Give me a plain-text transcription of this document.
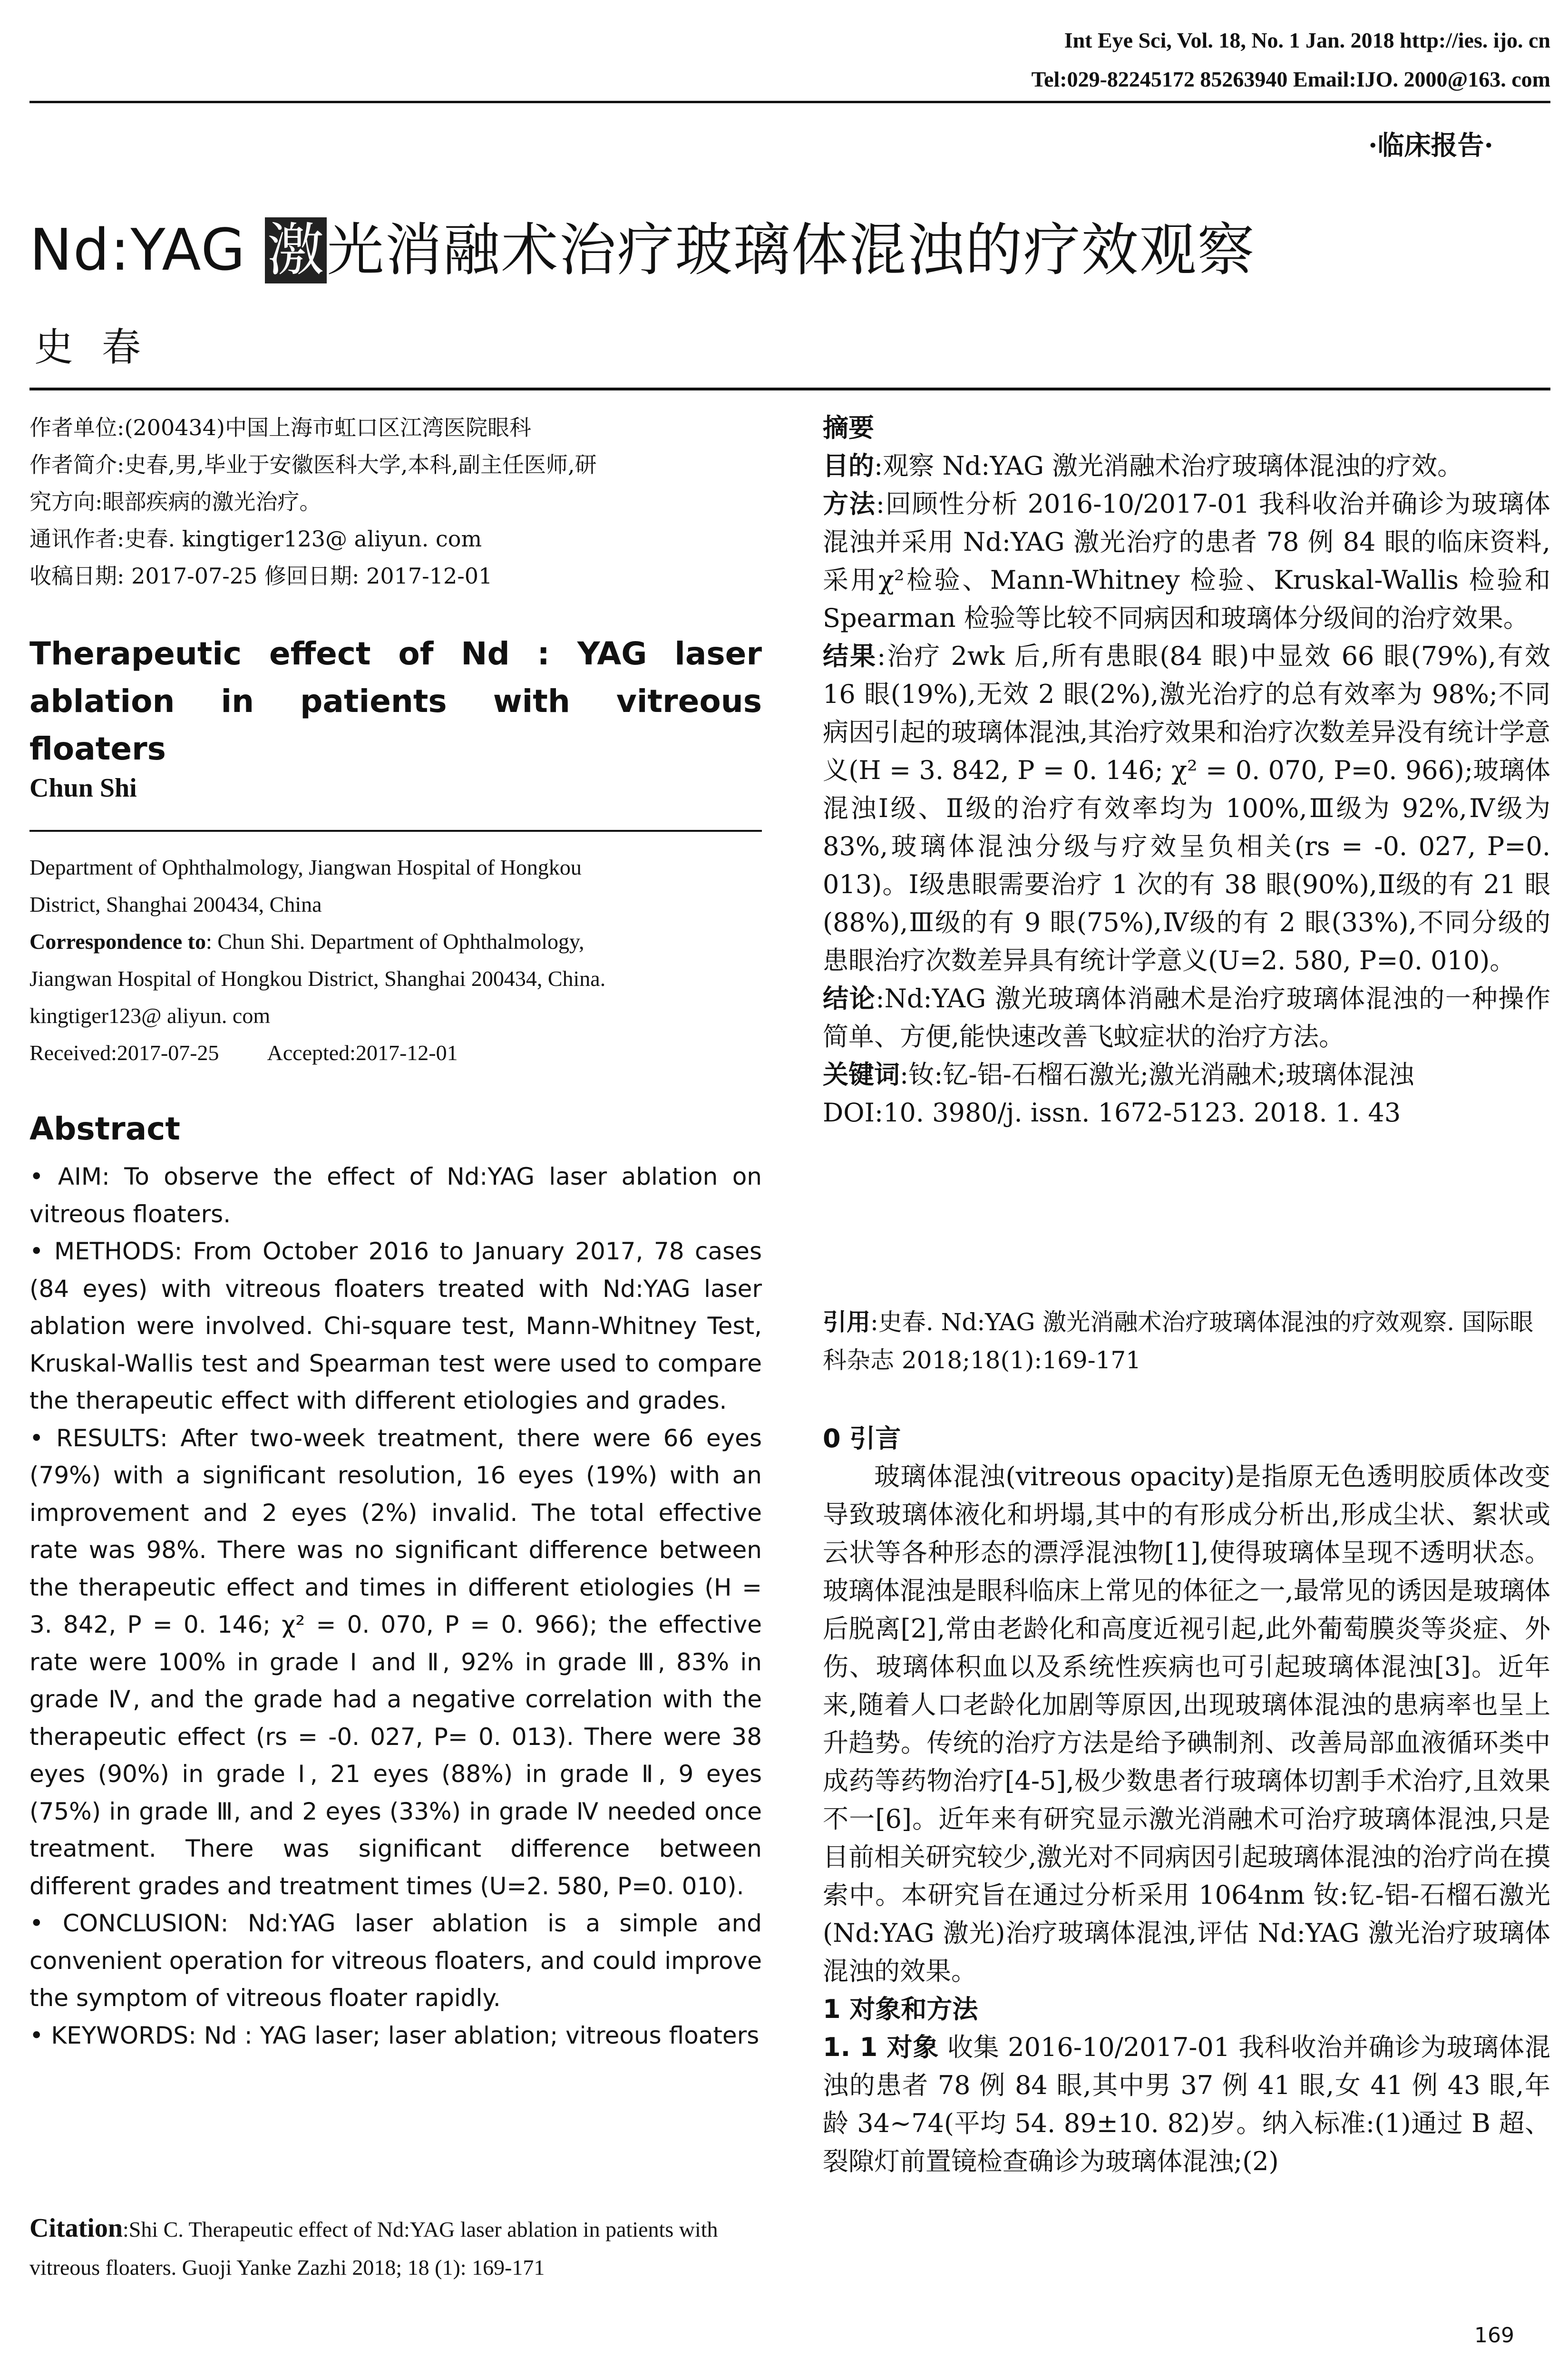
Int Eye Sci, Vol. 18, No. 1 Jan. 2018 http://ies. ijo. cn
Tel:029-82245172 85263940 Email:IJO. 2000@163. com
·临床报告·
Nd:YAG 激光消融术治疗玻璃体混浊的疗效观察
史春
作者单位:(200434)中国上海市虹口区江湾医院眼科
作者简介:史春,男,毕业于安徽医科大学,本科,副主任医师,研
究方向:眼部疾病的激光治疗。
通讯作者:史春. kingtiger123@ aliyun. com
收稿日期: 2017-07-25 修回日期: 2017-12-01
Therapeutic effect of Nd : YAG laser ablation in patients with vitreous floaters
Chun Shi
Department of Ophthalmology, Jiangwan Hospital of Hongkou
District, Shanghai 200434, China
Correspondence to: Chun Shi. Department of Ophthalmology,
Jiangwan Hospital of Hongkou District, Shanghai 200434, China.
kingtiger123@ aliyun. com
Received:2017-07-25         Accepted:2017-12-01
Abstract

• AIM: To observe the effect of Nd:YAG laser ablation on vitreous floaters.

• METHODS: From October 2016 to January 2017, 78 cases (84 eyes) with vitreous floaters treated with Nd:YAG laser ablation were involved. Chi-square test, Mann-Whitney Test, Kruskal-Wallis test and Spearman test were used to compare the therapeutic effect with different etiologies and grades.

• RESULTS: After two-week treatment, there were 66 eyes (79%) with a significant resolution, 16 eyes (19%) with an improvement and 2 eyes (2%) invalid. The total effective rate was 98%. There was no significant difference between the therapeutic effect and times in different etiologies (H = 3. 842, P = 0. 146; χ² = 0. 070, P = 0. 966); the effective rate were 100% in grade Ⅰ and Ⅱ, 92% in grade Ⅲ, 83% in grade Ⅳ, and the grade had a negative correlation with the therapeutic effect (rs = -0. 027, P= 0. 013). There were 38 eyes (90%) in grade Ⅰ, 21 eyes (88%) in grade Ⅱ, 9 eyes (75%) in grade Ⅲ, and 2 eyes (33%) in grade Ⅳ needed once treatment. There was significant difference between different grades and treatment times (U=2. 580, P=0. 010).

• CONCLUSION: Nd:YAG laser ablation is a simple and convenient operation for vitreous floaters, and could improve the symptom of vitreous floater rapidly.

• KEYWORDS: Nd : YAG laser; laser ablation; vitreous floaters

Citation:Shi C. Therapeutic effect of Nd:YAG laser ablation in patients with vitreous floaters. Guoji Yanke Zazhi 2018; 18 (1): 169-171

摘要

目的:观察 Nd:YAG 激光消融术治疗玻璃体混浊的疗效。

方法:回顾性分析 2016-10/2017-01 我科收治并确诊为玻璃体混浊并采用 Nd:YAG 激光治疗的患者 78 例 84 眼的临床资料,采用χ²检验、Mann-Whitney 检验、Kruskal-Wallis 检验和 Spearman 检验等比较不同病因和玻璃体分级间的治疗效果。

结果:治疗 2wk 后,所有患眼(84 眼)中显效 66 眼(79%),有效 16 眼(19%),无效 2 眼(2%),激光治疗的总有效率为 98%;不同病因引起的玻璃体混浊,其治疗效果和治疗次数差异没有统计学意义(H = 3. 842, P = 0. 146; χ² = 0. 070, P=0. 966);玻璃体混浊Ⅰ级、Ⅱ级的治疗有效率均为 100%,Ⅲ级为 92%,Ⅳ级为 83%,玻璃体混浊分级与疗效呈负相关(rs = -0. 027, P=0. 013)。Ⅰ级患眼需要治疗 1 次的有 38 眼(90%),Ⅱ级的有 21 眼(88%),Ⅲ级的有 9 眼(75%),Ⅳ级的有 2 眼(33%),不同分级的患眼治疗次数差异具有统计学意义(U=2. 580, P=0. 010)。

结论:Nd:YAG 激光玻璃体消融术是治疗玻璃体混浊的一种操作简单、方便,能快速改善飞蚊症状的治疗方法。

关键词:钕:钇-铝-石榴石激光;激光消融术;玻璃体混浊

DOI:10. 3980/j. issn. 1672-5123. 2018. 1. 43

引用:史春. Nd:YAG 激光消融术治疗玻璃体混浊的疗效观察. 国际眼科杂志 2018;18(1):169-171

0 引言

玻璃体混浊(vitreous opacity)是指原无色透明胶质体改变导致玻璃体液化和坍塌,其中的有形成分析出,形成尘状、絮状或云状等各种形态的漂浮混浊物[1],使得玻璃体呈现不透明状态。玻璃体混浊是眼科临床上常见的体征之一,最常见的诱因是玻璃体后脱离[2],常由老龄化和高度近视引起,此外葡萄膜炎等炎症、外伤、玻璃体积血以及系统性疾病也可引起玻璃体混浊[3]。近年来,随着人口老龄化加剧等原因,出现玻璃体混浊的患病率也呈上升趋势。传统的治疗方法是给予碘制剂、改善局部血液循环类中成药等药物治疗[4-5],极少数患者行玻璃体切割手术治疗,且效果不一[6]。近年来有研究显示激光消融术可治疗玻璃体混浊,只是目前相关研究较少,激光对不同病因引起玻璃体混浊的治疗尚在摸索中。本研究旨在通过分析采用 1064nm 钕:钇-铝-石榴石激光(Nd:YAG 激光)治疗玻璃体混浊,评估 Nd:YAG 激光治疗玻璃体混浊的效果。

1 对象和方法

1. 1 对象 收集 2016-10/2017-01 我科收治并确诊为玻璃体混浊的患者 78 例 84 眼,其中男 37 例 41 眼,女 41 例 43 眼,年龄 34~74(平均 54. 89±10. 82)岁。纳入标准:(1)通过 B 超、裂隙灯前置镜检查确诊为玻璃体混浊;(2)

169
